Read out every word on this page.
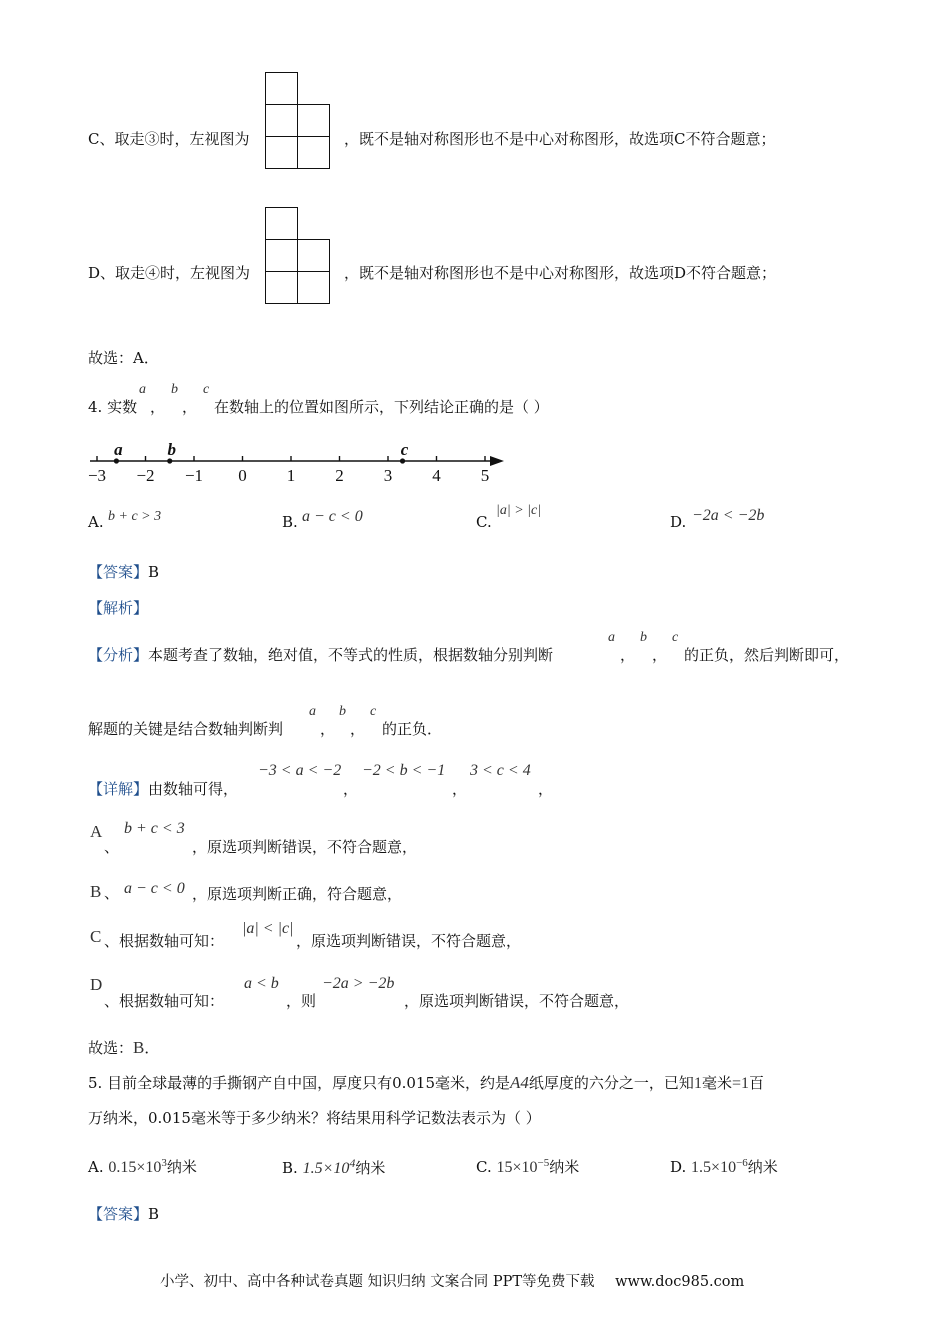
C、取走③时，左视图为	，既不是轴对称图形也不是中心对称图形，故选项C不符合题意；
D、取走④时，左视图为	，既不是轴对称图形也不是中心对称图形，故选项D不符合题意；
故选：A．
4. 实数
a
，
b
，
c
在数轴上的位置如图所示，下列结论正确的是（ ）
−3 −2 −1 0 1 2 3 4 5
a	b	c
A. b + c > 3	B. a − c < 0	C.
|a| > |c|
D. −2a < −2b
【答案】B
【解析】
【分析】本题考查了数轴，绝对值，不等式的性质，根据数轴分别判断
a
，
b
，
c
的正负，然后判断即可，
解题的关键是结合数轴判断判
a
，
b
，
c
的正负．
【详解】由数轴可得，
−3 < a < −2
，
−2 < b < −1
，
3 < c < 4
，
A
、
b + c < 3
，原选项判断错误，不符合题意，
B 、 a − c < 0 ，原选项判断正确，符合题意，
C 、根据数轴可知：
|a| < |c|
，原选项判断错误，不符合题意，
D
、根据数轴可知：
a < b
，则
−2a > −2b
，原选项判断错误，不符合题意，
故选：B．
5. 目前全球最薄的手撕钢产自中国，厚度只有0.015毫米，约是A4纸厚度的六分之一，已知1毫米=1百
万纳米，0.015毫米等于多少纳米？将结果用科学记数法表示为（ ）
A. $0.15\times 10^3$纳米	B. $1.5\times 10^4$纳米	C. $15\times 10^{-5}$纳米	D. $1.5\times 10^{-6}$纳米
【答案】B
小学、初中、高中各种试卷真题 知识归纳 文案合同 PPT等免费下载 www.doc985.com
